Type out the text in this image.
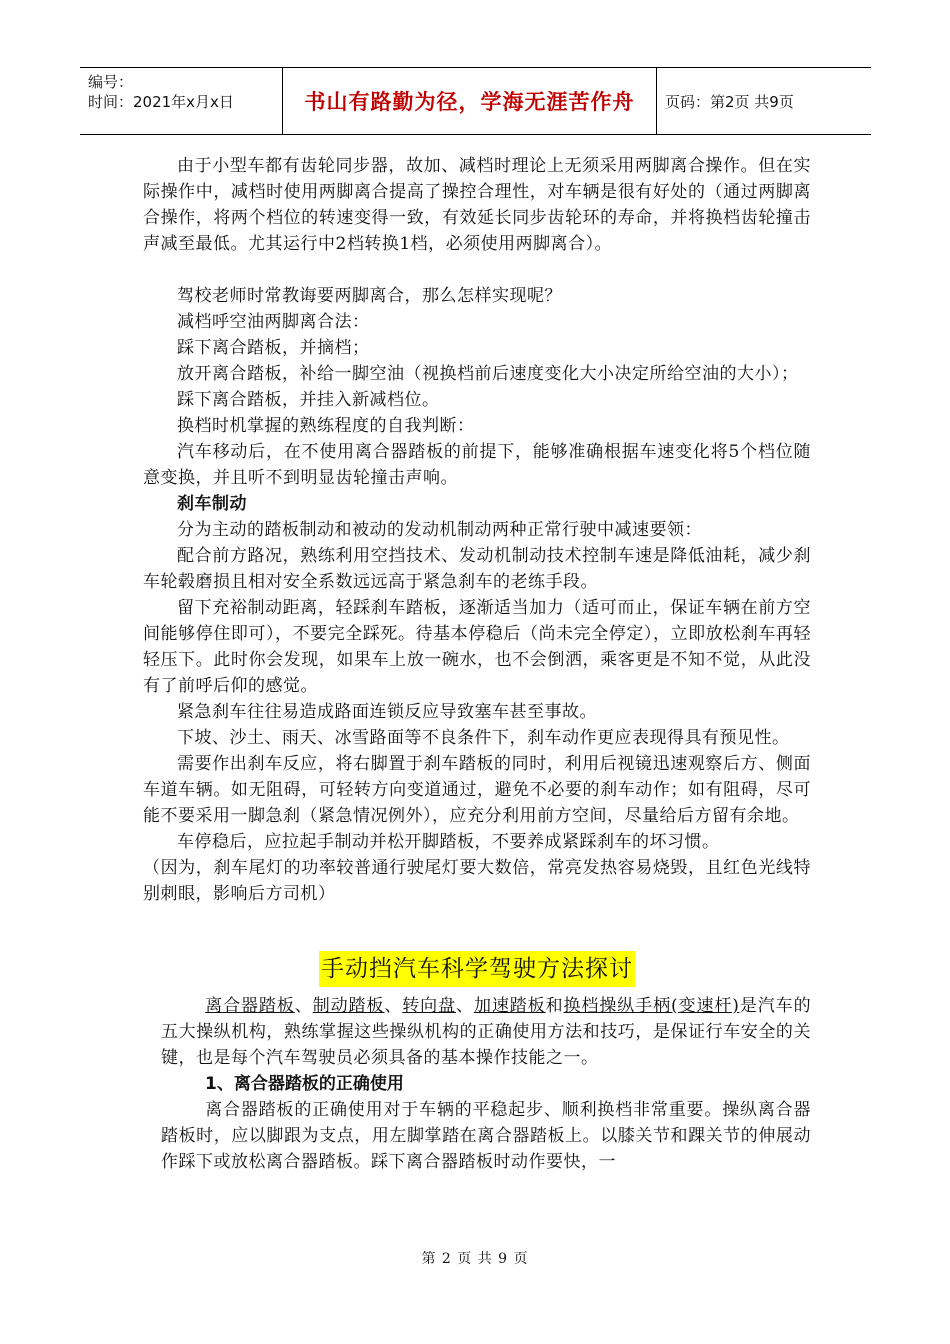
编号：
时间：2021年x月x日	书山有路勤为径，学海无涯苦作舟	页码：第2页 共9页

由于小型车都有齿轮同步器，故加、减档时理论上无须采用两脚离合操作。但在实际操作中，减档时使用两脚离合提高了操控合理性，对车辆是很有好处的（通过两脚离合操作，将两个档位的转速变得一致，有效延长同步齿轮环的寿命，并将换档齿轮撞击声减至最低。尤其运行中2档转换1档，必须使用两脚离合）。

驾校老师时常教诲要两脚离合，那么怎样实现呢？

减档呼空油两脚离合法：

踩下离合踏板，并摘档；

放开离合踏板，补给一脚空油（视换档前后速度变化大小决定所给空油的大小）；

踩下离合踏板，并挂入新减档位。

换档时机掌握的熟练程度的自我判断：

汽车移动后，在不使用离合器踏板的前提下，能够准确根据车速变化将5个档位随意变换，并且听不到明显齿轮撞击声响。

刹车制动

分为主动的踏板制动和被动的发动机制动两种正常行驶中减速要领：

配合前方路况，熟练利用空挡技术、发动机制动技术控制车速是降低油耗，减少刹车轮毂磨损且相对安全系数远远高于紧急刹车的老练手段。

留下充裕制动距离，轻踩刹车踏板，逐渐适当加力（适可而止，保证车辆在前方空间能够停住即可），不要完全踩死。待基本停稳后（尚未完全停定），立即放松刹车再轻轻压下。此时你会发现，如果车上放一碗水，也不会倒洒，乘客更是不知不觉，从此没有了前呼后仰的感觉。

紧急刹车往往易造成路面连锁反应导致塞车甚至事故。

下坡、沙土、雨天、冰雪路面等不良条件下，刹车动作更应表现得具有预见性。

需要作出刹车反应，将右脚置于刹车踏板的同时，利用后视镜迅速观察后方、侧面车道车辆。如无阻碍，可轻转方向变道通过，避免不必要的刹车动作；如有阻碍，尽可能不要采用一脚急刹（紧急情况例外），应充分利用前方空间，尽量给后方留有余地。

车停稳后，应拉起手制动并松开脚踏板，不要养成紧踩刹车的坏习惯。

（因为，刹车尾灯的功率较普通行驶尾灯要大数倍，常亮发热容易烧毁，且红色光线特别刺眼，影响后方司机）

手动挡汽车科学驾驶方法探讨

离合器踏板、制动踏板、转向盘、加速踏板和换档操纵手柄(变速杆)是汽车的五大操纵机构，熟练掌握这些操纵机构的正确使用方法和技巧，是保证行车安全的关键，也是每个汽车驾驶员必须具备的基本操作技能之一。

1、离合器踏板的正确使用

离合器踏板的正确使用对于车辆的平稳起步、顺利换档非常重要。操纵离合器踏板时，应以脚跟为支点，用左脚掌踏在离合器踏板上。以膝关节和踝关节的伸展动作踩下或放松离合器踏板。踩下离合器踏板时动作要快，一

第 2 页 共 9 页
